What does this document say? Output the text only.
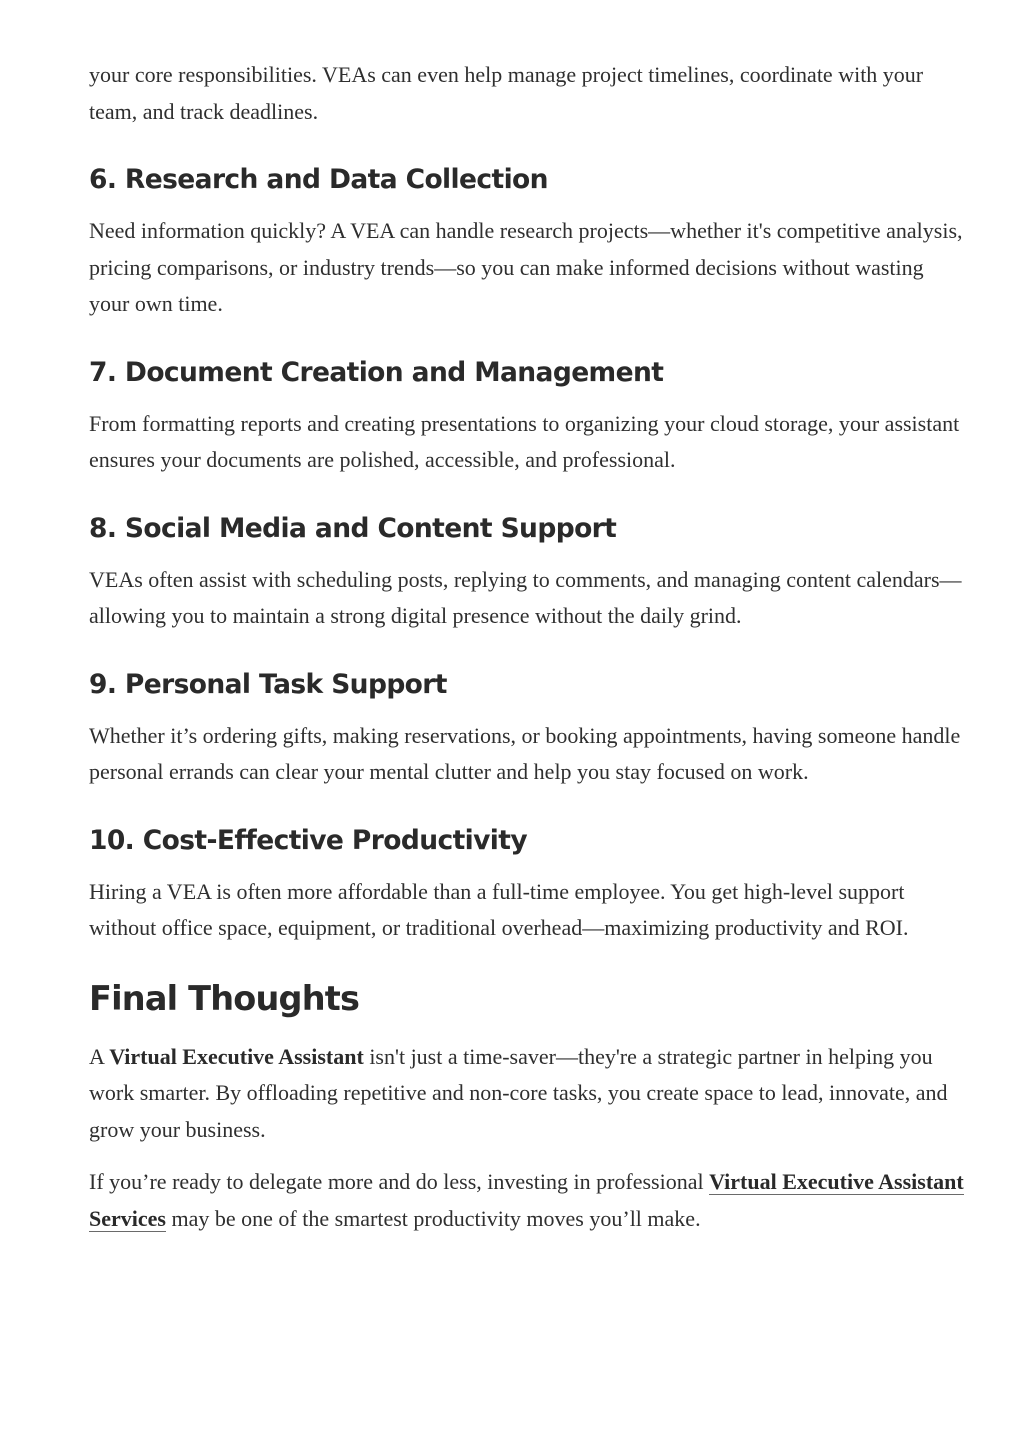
your core responsibilities. VEAs can even help manage project timelines, coordinate with your team, and track deadlines.

6. Research and Data Collection

Need information quickly? A VEA can handle research projects—whether it's competitive analysis, pricing comparisons, or industry trends—so you can make informed decisions without wasting your own time.

7. Document Creation and Management

From formatting reports and creating presentations to organizing your cloud storage, your assistant ensures your documents are polished, accessible, and professional.

8. Social Media and Content Support

VEAs often assist with scheduling posts, replying to comments, and managing content calendars—allowing you to maintain a strong digital presence without the daily grind.

9. Personal Task Support

Whether it’s ordering gifts, making reservations, or booking appointments, having someone handle personal errands can clear your mental clutter and help you stay focused on work.

10. Cost-Effective Productivity

Hiring a VEA is often more affordable than a full-time employee. You get high-level support without office space, equipment, or traditional overhead—maximizing productivity and ROI.

Final Thoughts

A Virtual Executive Assistant isn't just a time-saver—they're a strategic partner in helping you work smarter. By offloading repetitive and non-core tasks, you create space to lead, innovate, and grow your business.

If you’re ready to delegate more and do less, investing in professional Virtual Executive Assistant Services may be one of the smartest productivity moves you’ll make.
